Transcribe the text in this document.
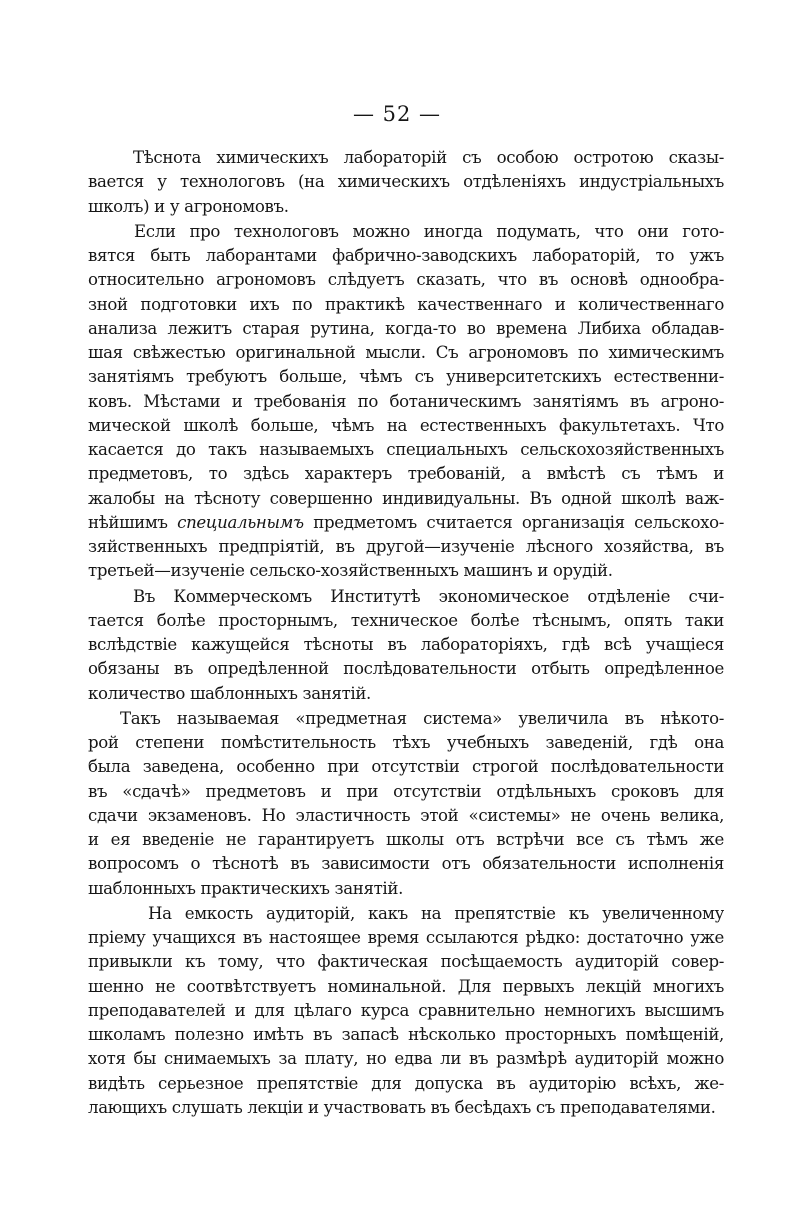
— 52 —
Тѣснота химическихъ лабораторій съ особою остротою сказы-
вается у технологовъ (на химическихъ отдѣленіяхъ индустріальныхъ
школъ) и у агрономовъ.
Если про технологовъ можно иногда подумать, что они гото-
вятся быть лаборантами фабрично-заводскихъ лабораторій, то ужъ
относительно агрономовъ слѣдуетъ сказать, что въ основѣ однообра-
зной подготовки ихъ по практикѣ качественнаго и количественнаго
анализа лежитъ старая рутина, когда-то во времена Либиха обладав-
шая свѣжестью оригинальной мысли. Съ агрономовъ по химическимъ
занятіямъ требуютъ больше, чѣмъ съ университетскихъ естественни-
ковъ. Мѣстами и требованія по ботаническимъ занятіямъ въ агроно-
мической школѣ больше, чѣмъ на естественныхъ факультетахъ. Что
касается до такъ называемыхъ специальныхъ сельскохозяйственныхъ
предметовъ, то здѣсь характеръ требованій, а вмѣстѣ съ тѣмъ и
жалобы на тѣсноту совершенно индивидуальны. Въ одной школѣ важ-
нѣйшимъ специальнымъ предметомъ считается организація сельскохо-
зяйственныхъ предпріятій, въ другой—изученіе лѣсного хозяйства, въ
третьей—изученіе сельско-хозяйственныхъ машинъ и орудій.
Въ Коммерческомъ Институтѣ экономическое отдѣленіе счи-
тается болѣе просторнымъ, техническое болѣе тѣснымъ, опять таки
вслѣдствіе кажущейся тѣсноты въ лабораторіяхъ, гдѣ всѣ учащіеся
обязаны въ опредѣленной послѣдовательности отбыть опредѣленное
количество шаблонныхъ занятій.
Такъ называемая «предметная система» увеличила въ нѣкото-
рой степени помѣстительность тѣхъ учебныхъ заведеній, гдѣ она
была заведена, особенно при отсутствіи строгой послѣдовательности
въ «сдачѣ» предметовъ и при отсутствіи отдѣльныхъ сроковъ для
сдачи экзаменовъ. Но эластичность этой «системы» не очень велика,
и ея введеніе не гарантируетъ школы отъ встрѣчи все съ тѣмъ же
вопросомъ о тѣснотѣ въ зависимости отъ обязательности исполненія
шаблонныхъ практическихъ занятій.
На емкость аудиторій, какъ на препятствіе къ увеличенному
пріему учащихся въ настоящее время ссылаются рѣдко: достаточно уже
привыкли къ тому, что фактическая посѣщаемость аудиторій совер-
шенно не соотвѣтствуетъ номинальной. Для первыхъ лекцій многихъ
преподавателей и для цѣлаго курса сравнительно немногихъ высшимъ
школамъ полезно имѣть въ запасѣ нѣсколько просторныхъ помѣщеній,
хотя бы снимаемыхъ за плату, но едва ли въ размѣрѣ аудиторій можно
видѣть серьезное препятствіе для допуска въ аудиторію всѣхъ, же-
лающихъ слушать лекціи и участвовать въ бесѣдахъ съ преподавателями.
